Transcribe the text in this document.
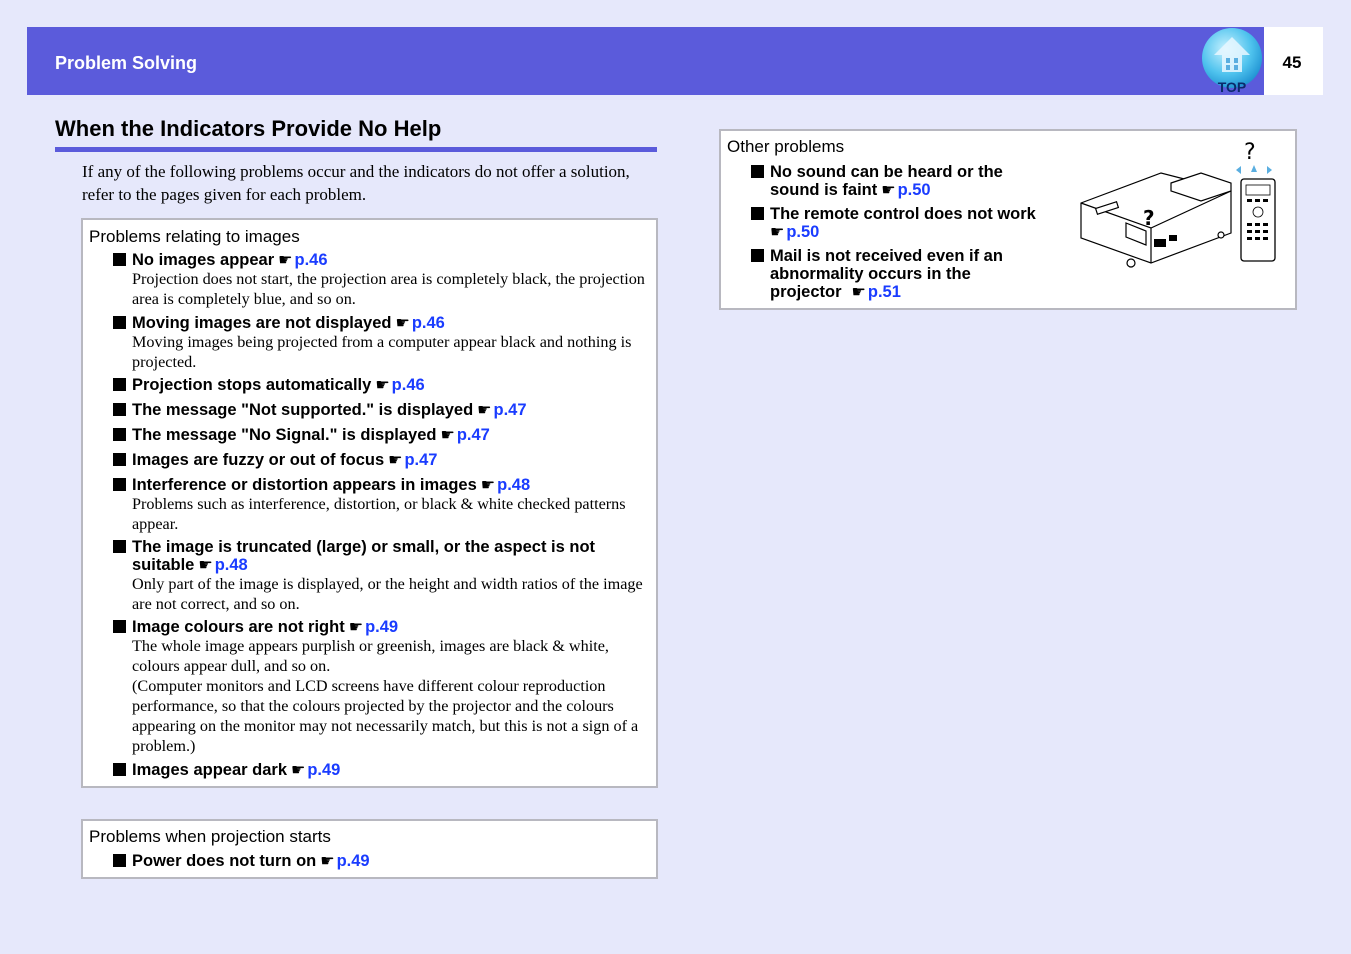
Problem Solving
TOP
45
When the Indicators Provide No Help
If any of the following problems occur and the indicators do not offer a solution, refer to the pages given for each problem.
Problems relating to images
No images appear ☛ p.46
Projection does not start, the projection area is completely black, the projection area is completely blue, and so on.
Moving images are not displayed ☛ p.46
Moving images being projected from a computer appear black and nothing is projected.
Projection stops automatically ☛ p.46
The message "Not supported." is displayed ☛ p.47
The message "No Signal." is displayed ☛ p.47
Images are fuzzy or out of focus ☛ p.47
Interference or distortion appears in images ☛ p.48
Problems such as interference, distortion, or black & white checked patterns appear.
The image is truncated (large) or small, or the aspect is not
suitable ☛ p.48
Only part of the image is displayed, or the height and width ratios of the image are not correct, and so on.
Image colours are not right ☛ p.49
The whole image appears purplish or greenish, images are black & white, colours appear dull, and so on.
(Computer monitors and LCD screens have different colour reproduction performance, so that the colours projected by the projector and the colours appearing on the monitor may not necessarily match, but this is not a sign of a problem.)
Images appear dark ☛ p.49
Problems when projection starts
Power does not turn on ☛ p.49
Other problems
No sound can be heard or the
sound is faint ☛ p.50
The remote control does not work
☛ p.50
Mail is not received even if an
abnormality occurs in the
projector ☛ p.51
?
?
